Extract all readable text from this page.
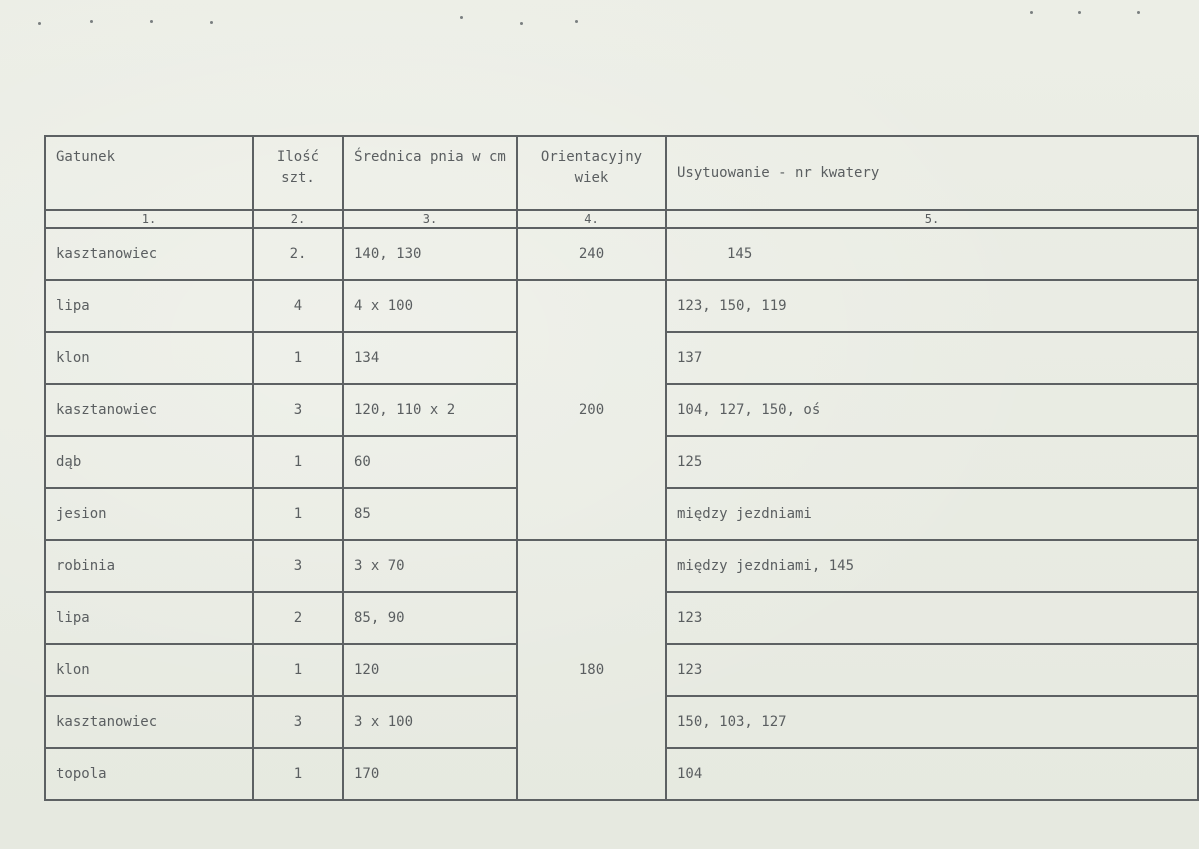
Gatunek	Ilość szt.	Średnica pnia w cm	Orientacyjny wiek	Usytuowanie - nr kwatery
1.	2.	3.	4.	5.
kasztanowiec	2.	140, 130	240	145
lipa	4	4 x 100	200	123, 150, 119
klon	1	134		137
kasztanowiec	3	120, 110 x 2		104, 127, 150, oś
dąb	1	60		125
jesion	1	85		między jezdniami
robinia	3	3 x 70	180	między jezdniami, 145
lipa	2	85, 90		123
klon	1	120		123
kasztanowiec	3	3 x 100		150, 103, 127
topola	1	170		104
